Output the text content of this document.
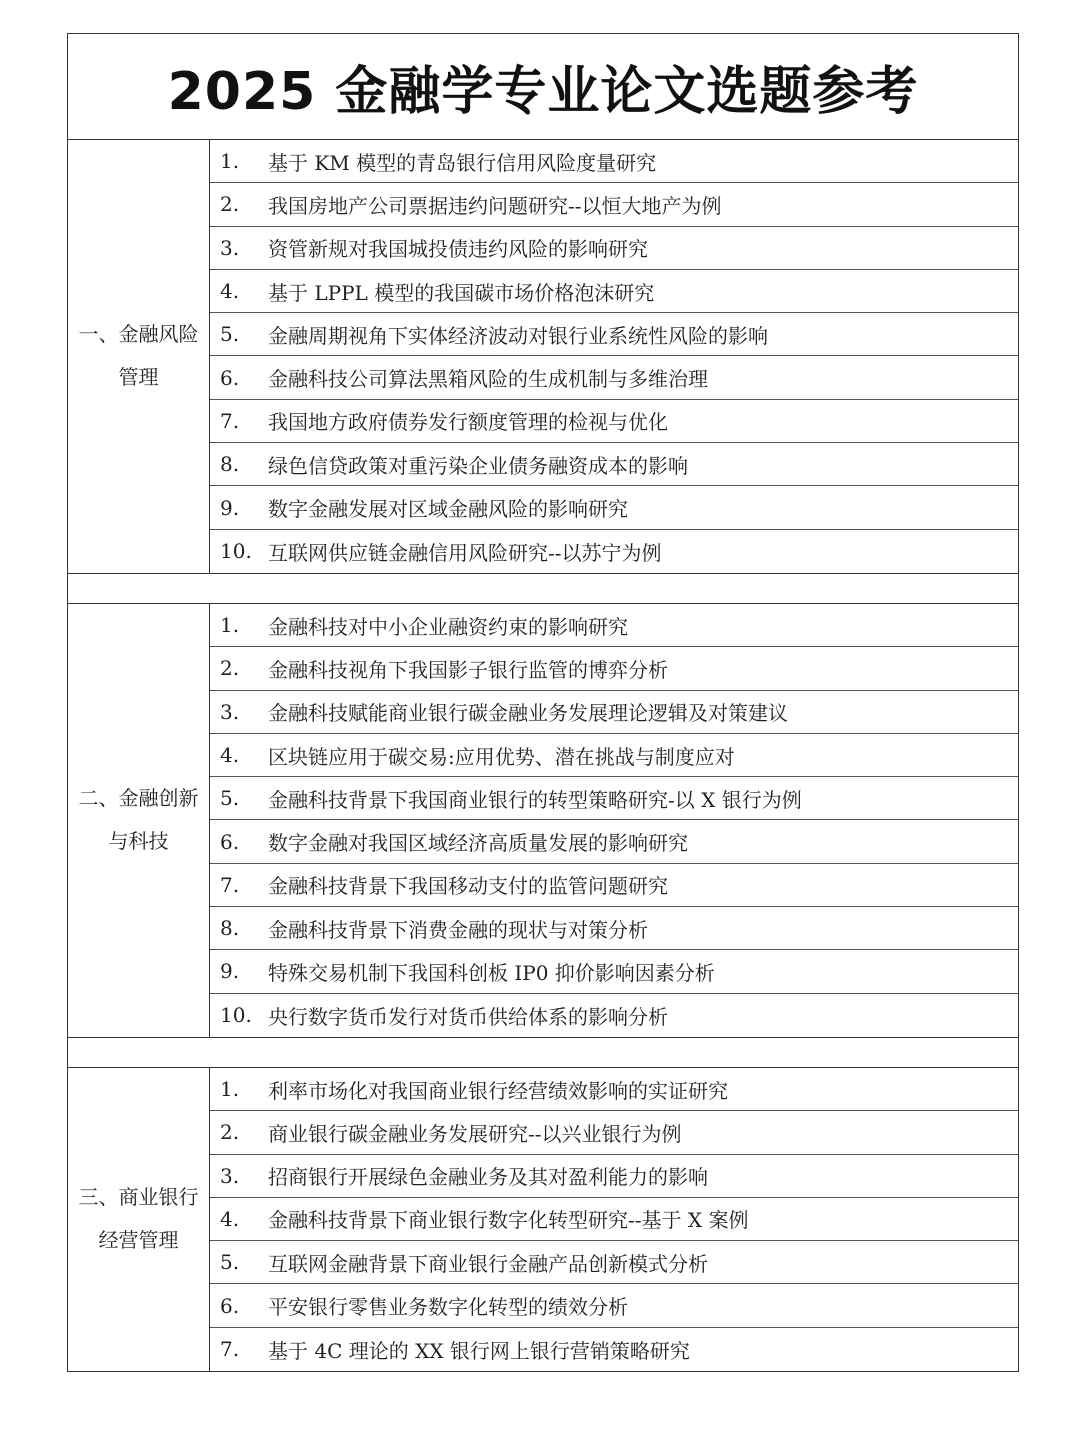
2025 金融学专业论文选题参考
一、金融风险管理
1.	基于 KM 模型的青岛银行信用风险度量研究
2.	我国房地产公司票据违约问题研究--以恒大地产为例
3.	资管新规对我国城投债违约风险的影响研究
4.	基于 LPPL 模型的我国碳市场价格泡沫研究
5.	金融周期视角下实体经济波动对银行业系统性风险的影响
6.	金融科技公司算法黑箱风险的生成机制与多维治理
7.	我国地方政府债券发行额度管理的检视与优化
8.	绿色信贷政策对重污染企业债务融资成本的影响
9.	数字金融发展对区域金融风险的影响研究
10. 互联网供应链金融信用风险研究--以苏宁为例
二、金融创新与科技
1.	金融科技对中小企业融资约束的影响研究
2.	金融科技视角下我国影子银行监管的博弈分析
3.	金融科技赋能商业银行碳金融业务发展理论逻辑及对策建议
4.	区块链应用于碳交易:应用优势、潜在挑战与制度应对
5.	金融科技背景下我国商业银行的转型策略研究-以 X 银行为例
6.	数字金融对我国区域经济高质量发展的影响研究
7.	金融科技背景下我国移动支付的监管问题研究
8.	金融科技背景下消费金融的现状与对策分析
9.	特殊交易机制下我国科创板 IP0 抑价影响因素分析
10. 央行数字货币发行对货币供给体系的影响分析
三、商业银行经营管理
1.	利率市场化对我国商业银行经营绩效影响的实证研究
2.	商业银行碳金融业务发展研究--以兴业银行为例
3.	招商银行开展绿色金融业务及其对盈利能力的影响
4.	金融科技背景下商业银行数字化转型研究--基于 X 案例
5.	互联网金融背景下商业银行金融产品创新模式分析
6.	平安银行零售业务数字化转型的绩效分析
7.	基于 4C 理论的 XX 银行网上银行营销策略研究
